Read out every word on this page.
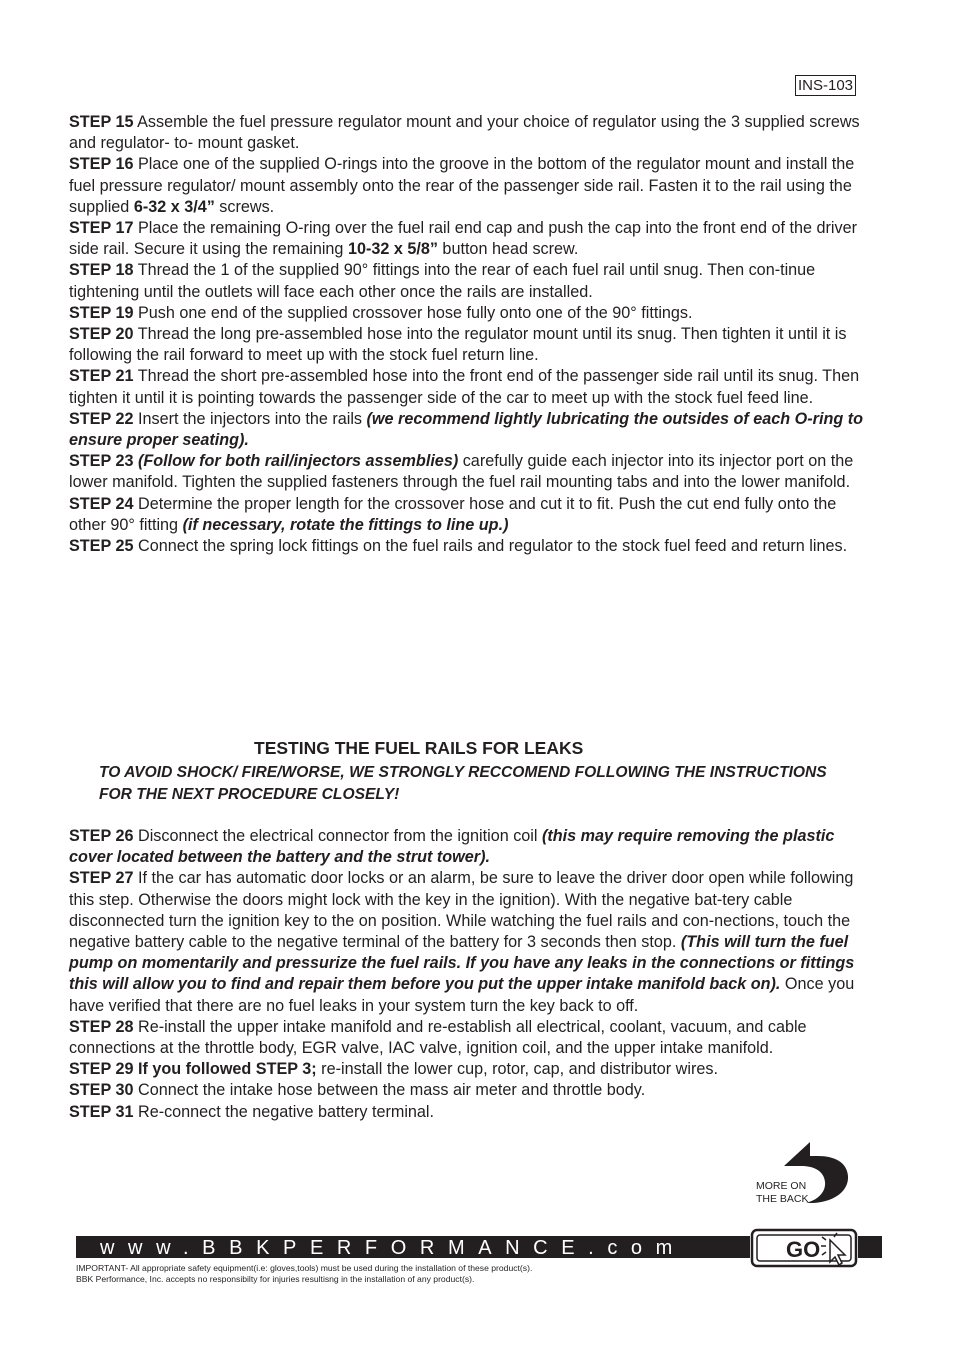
INS-103

STEP 15 Assemble the fuel pressure regulator mount and your choice of regulator using the 3 supplied screws and regulator- to- mount gasket.

STEP 16 Place one of the supplied O-rings into the groove in the bottom of the regulator mount and install the fuel pressure regulator/ mount assembly onto the rear of the passenger side rail. Fasten it to the rail using the supplied 6-32 x 3/4” screws.

STEP 17 Place the remaining O-ring over the fuel rail end cap and push the cap into the front end of the driver side rail. Secure it using the remaining 10-32 x 5/8” button head screw.

STEP 18 Thread the 1 of the supplied 90° fittings into the rear of each fuel rail until snug. Then con-tinue tightening until the outlets will face each other once the rails are installed.

STEP 19 Push one end of the supplied crossover hose fully onto one of the 90° fittings.

STEP 20 Thread the long pre-assembled hose into the regulator mount until its snug. Then tighten it until it is following the rail forward to meet up with the stock fuel return line.

STEP 21 Thread the short pre-assembled hose into the front end of the passenger side rail until its snug. Then tighten it until it is pointing towards the passenger side of the car to meet up with the stock fuel feed line.

STEP 22 Insert the injectors into the rails (we recommend lightly lubricating the outsides of each O-ring to ensure proper seating).

STEP 23 (Follow for both rail/injectors assemblies) carefully guide each injector into its injector port on the lower manifold. Tighten the supplied fasteners through the fuel rail mounting tabs and into the lower manifold.

STEP 24 Determine the proper length for the crossover hose and cut it to fit. Push the cut end fully onto the other 90° fitting (if necessary, rotate the fittings to line up.)

STEP 25 Connect the spring lock fittings on the fuel rails and regulator to the stock fuel feed and return lines.

TESTING THE FUEL RAILS FOR LEAKS

TO AVOID SHOCK/ FIRE/WORSE, WE STRONGLY RECCOMEND FOLLOWING THE INSTRUCTIONS FOR THE NEXT PROCEDURE CLOSELY!

STEP 26 Disconnect the electrical connector from the ignition coil (this may require removing the plastic cover located between the battery and the strut tower).

STEP 27 If the car has automatic door locks or an alarm, be sure to leave the driver door open while following this step. Otherwise the doors might lock with the key in the ignition). With the negative bat-tery cable disconnected turn the ignition key to the on position. While watching the fuel rails and con-nections, touch the negative battery cable to the negative terminal of the battery for 3 seconds then stop. (This will turn the fuel pump on momentarily and pressurize the fuel rails. If you have any leaks in the connections or fittings this will allow you to find and repair them before you put the upper intake manifold back on). Once you have verified that there are no fuel leaks in your system turn the key back to off.

STEP 28 Re-install the upper intake manifold and re-establish all electrical, coolant, vacuum, and cable connections at the throttle body, EGR valve, IAC valve, ignition coil, and the upper intake manifold.

STEP 29 If you followed STEP 3; re-install the lower cup, rotor, cap, and distributor wires.

STEP 30 Connect the intake hose between the mass air meter and throttle body.

STEP 31 Re-connect the negative battery terminal.

MORE ON
THE BACK
www.BBKPERFORMANCE.com	GO

IMPORTANT- All appropriate safety equipment(i.e: gloves,tools) must be used during the installation of these product(s).

BBK Performance, Inc. accepts no responsibilty for injuries resultisng in the installation of any product(s).
